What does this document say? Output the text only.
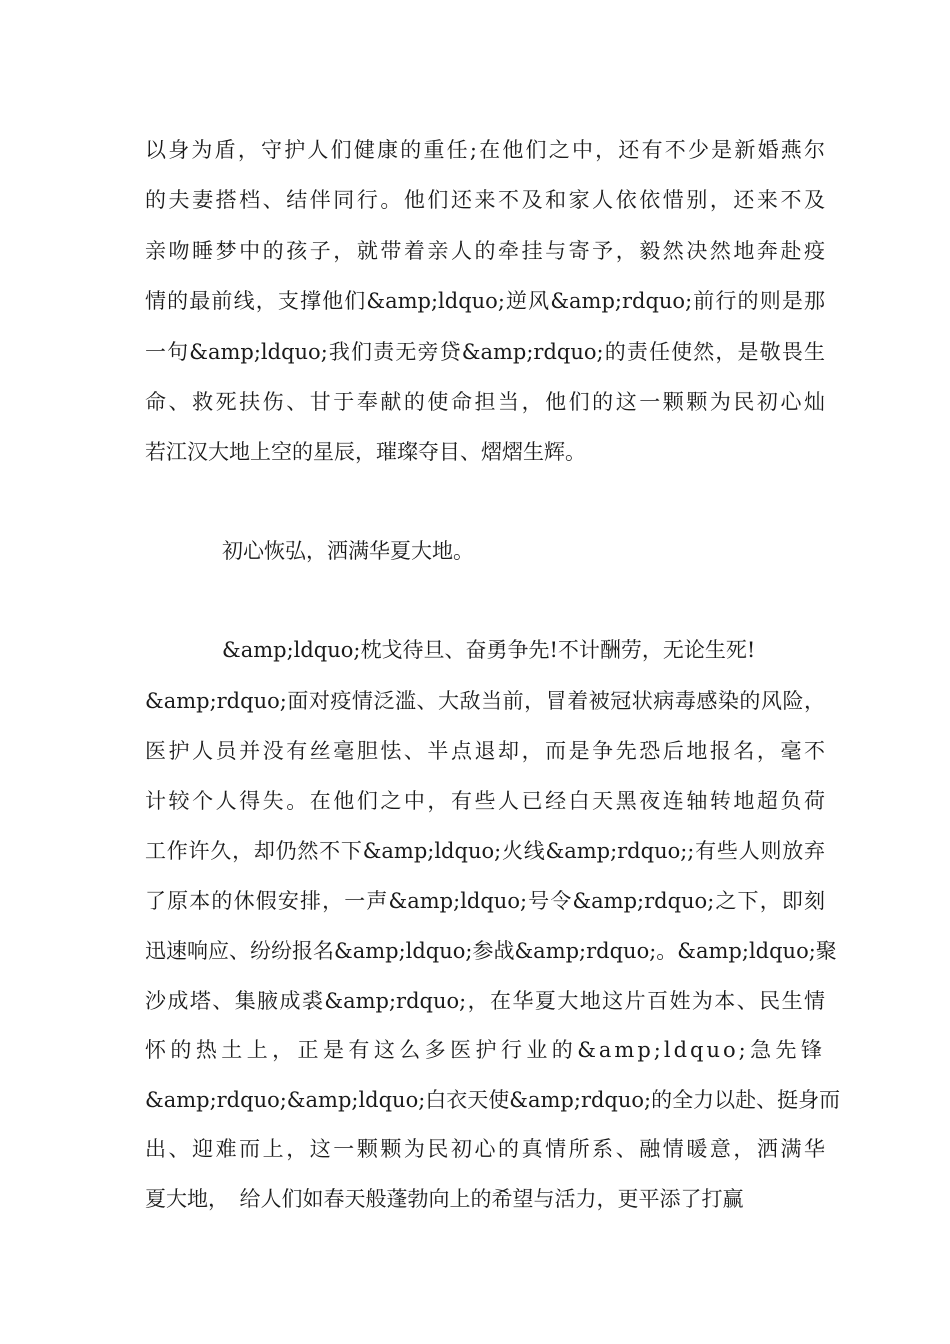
以身为盾，守护人们健康的重任;在他们之中，还有不少是新婚燕尔
的夫妻搭档、结伴同行。他们还来不及和家人依依惜别，还来不及
亲吻睡梦中的孩子，就带着亲人的牵挂与寄予，毅然决然地奔赴疫
情的最前线，支撑他们&amp;ldquo;逆风&amp;rdquo;前行的则是那
一句&amp;ldquo;我们责无旁贷&amp;rdquo;的责任使然，是敬畏生
命、救死扶伤、甘于奉献的使命担当，他们的这一颗颗为民初心灿
若江汉大地上空的星辰，璀璨夺目、熠熠生辉。
初心恢弘，洒满华夏大地。
&amp;ldquo;枕戈待旦、奋勇争先!不计酬劳，无论生死!
&amp;rdquo;面对疫情泛滥、大敌当前，冒着被冠状病毒感染的风险，
医护人员并没有丝毫胆怯、半点退却，而是争先恐后地报名，毫不
计较个人得失。在他们之中，有些人已经白天黑夜连轴转地超负荷
工作许久，却仍然不下&amp;ldquo;火线&amp;rdquo;;有些人则放弃
了原本的休假安排，一声&amp;ldquo;号令&amp;rdquo;之下，即刻
迅速响应、纷纷报名&amp;ldquo;参战&amp;rdquo;。&amp;ldquo;聚
沙成塔、集腋成裘&amp;rdquo;，在华夏大地这片百姓为本、民生情
怀的热土上，正是有这么多医护行业的&amp;ldquo;急先锋
&amp;rdquo;&amp;ldquo;白衣天使&amp;rdquo;的全力以赴、挺身而
出、迎难而上，这一颗颗为民初心的真情所系、融情暖意，洒满华
夏大地，　给人们如春天般蓬勃向上的希望与活力，更平添了打赢
